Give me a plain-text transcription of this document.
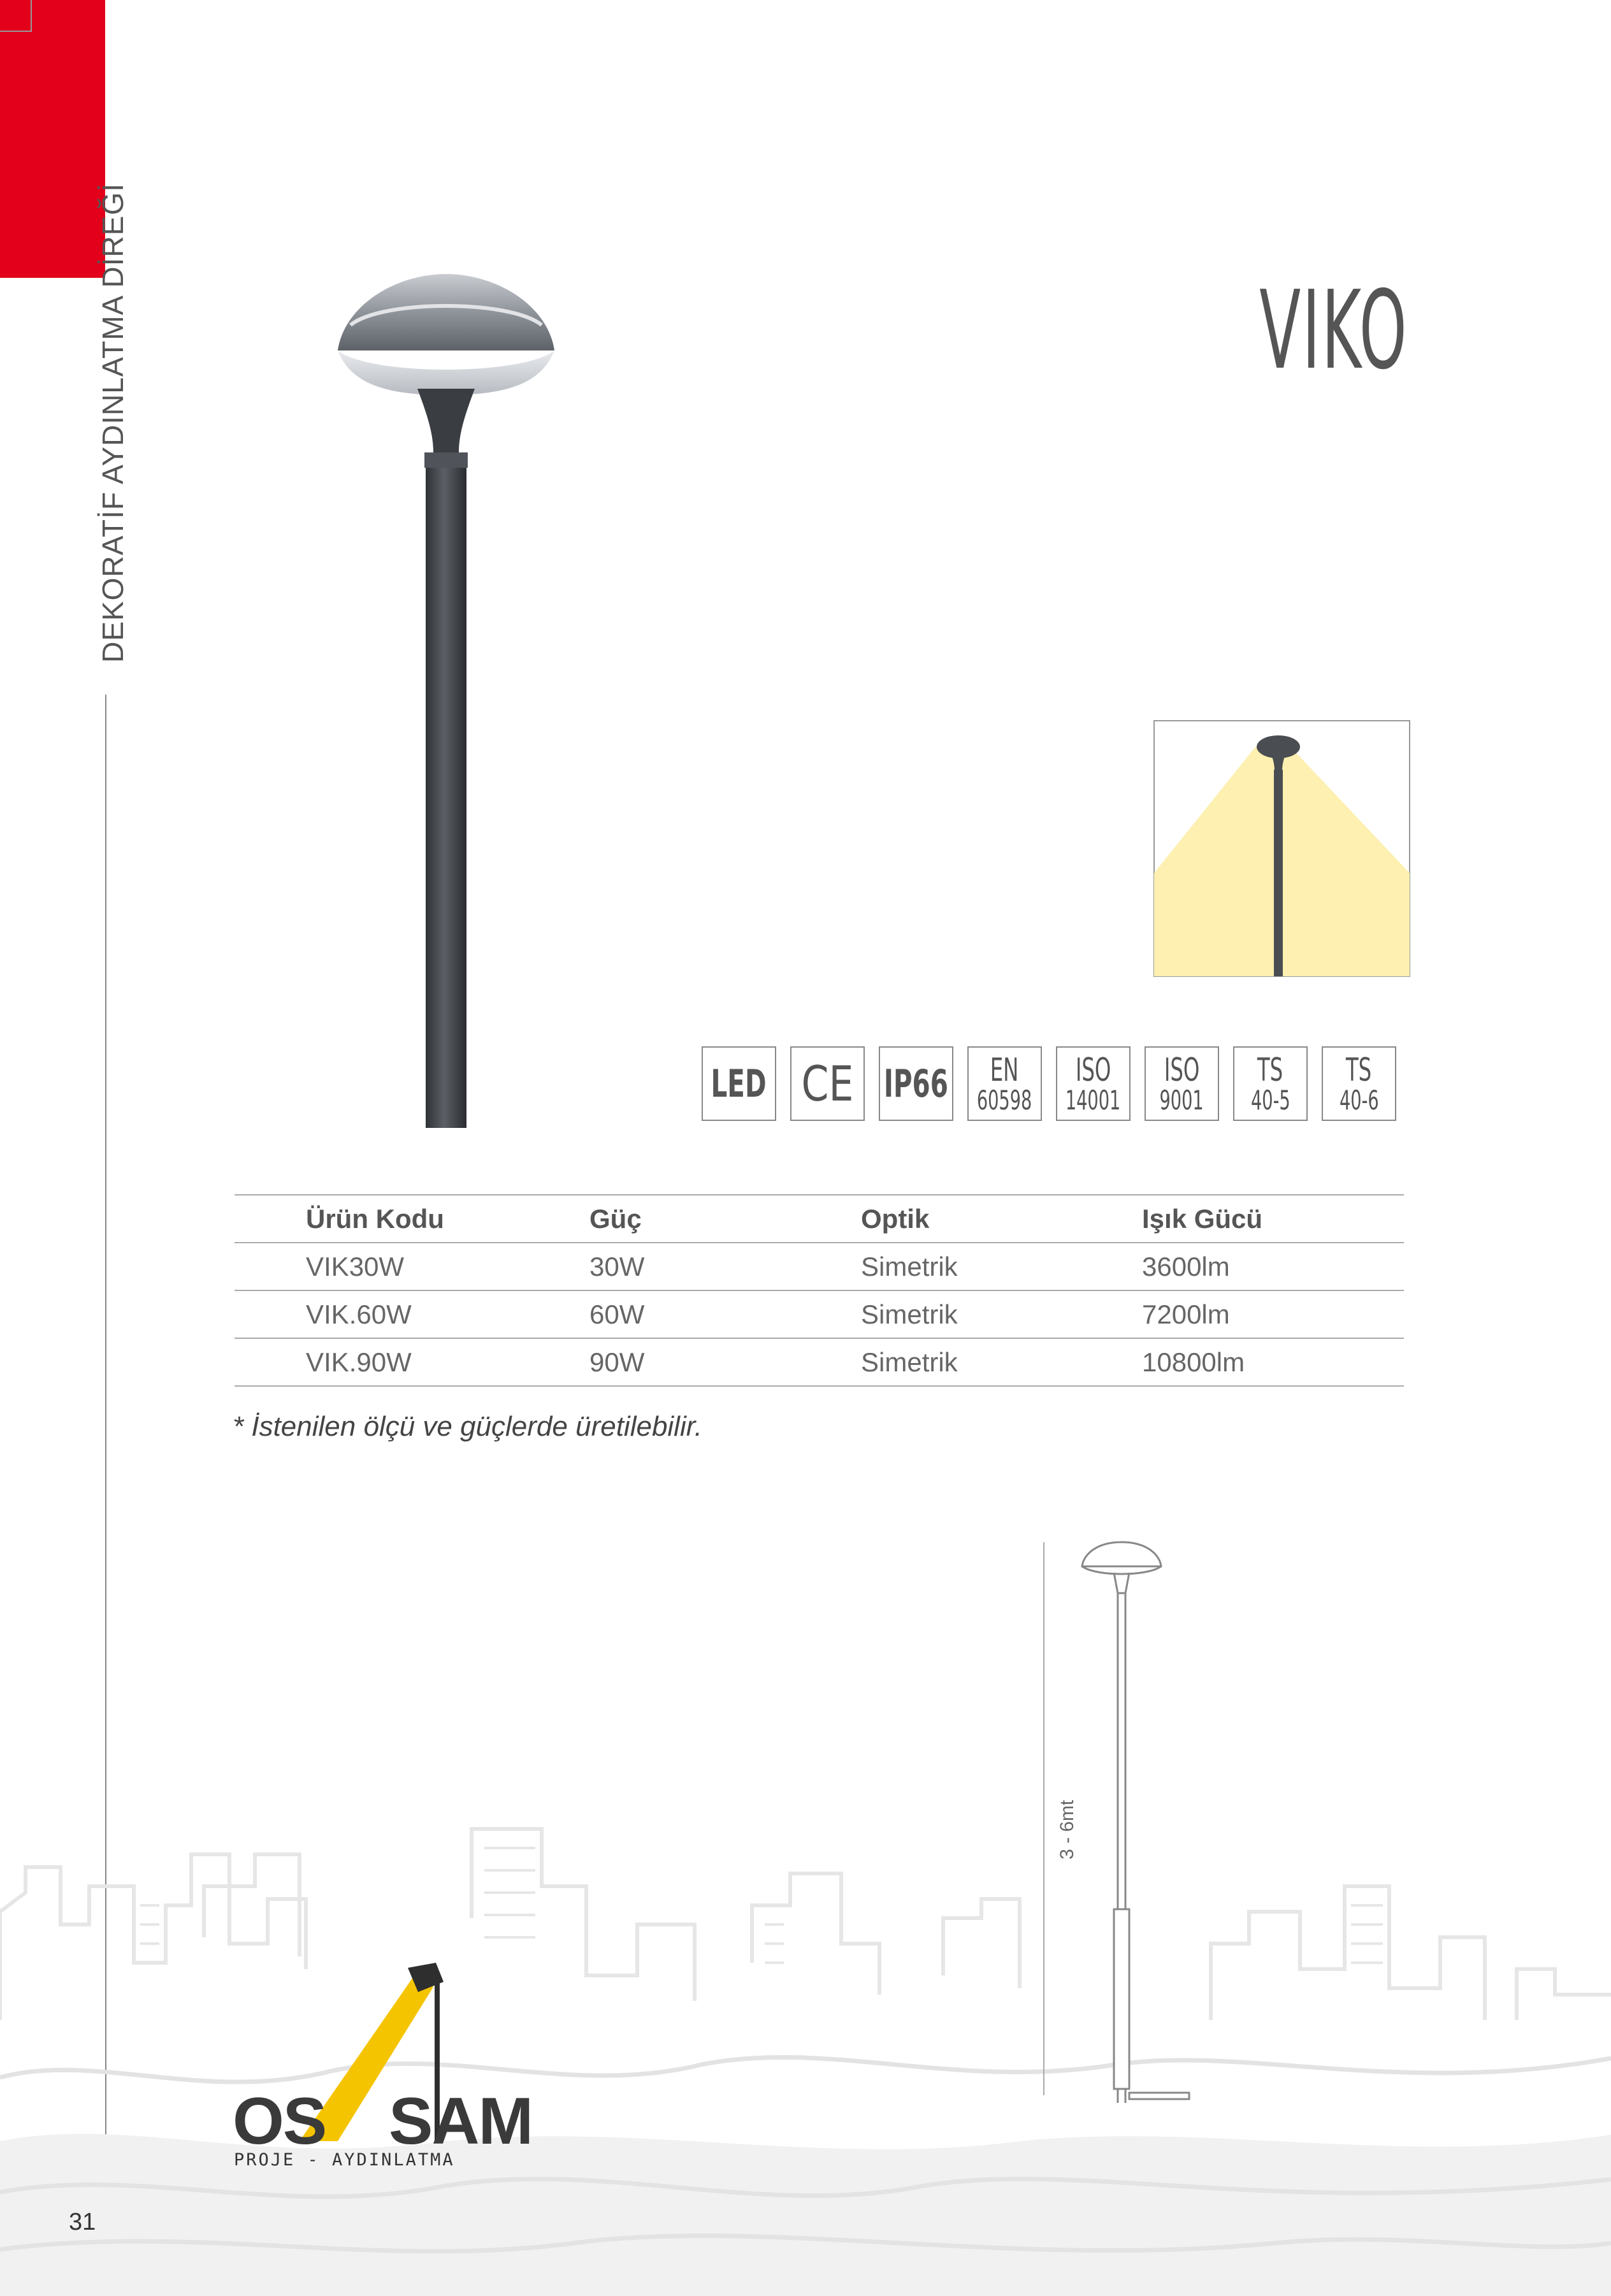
DEKORATİF AYDINLATMA DİREĞİ	VIKO
LED CE IP66 EN
60598
ISO
14001
ISO
9001
TS
40-5
TS
40-6
Ürün Kodu	Güç	Optik	Işık Gücü
VIK30W	30W	Simetrik	3600lm
VIK.60W	60W	Simetrik	7200lm
VIK.90W	90W	Simetrik	10800lm
* İstenilen ölçü ve güçlerde üretilebilir.
3 - 6mt
OS SAM
PROJE - AYDINLATMA
31
